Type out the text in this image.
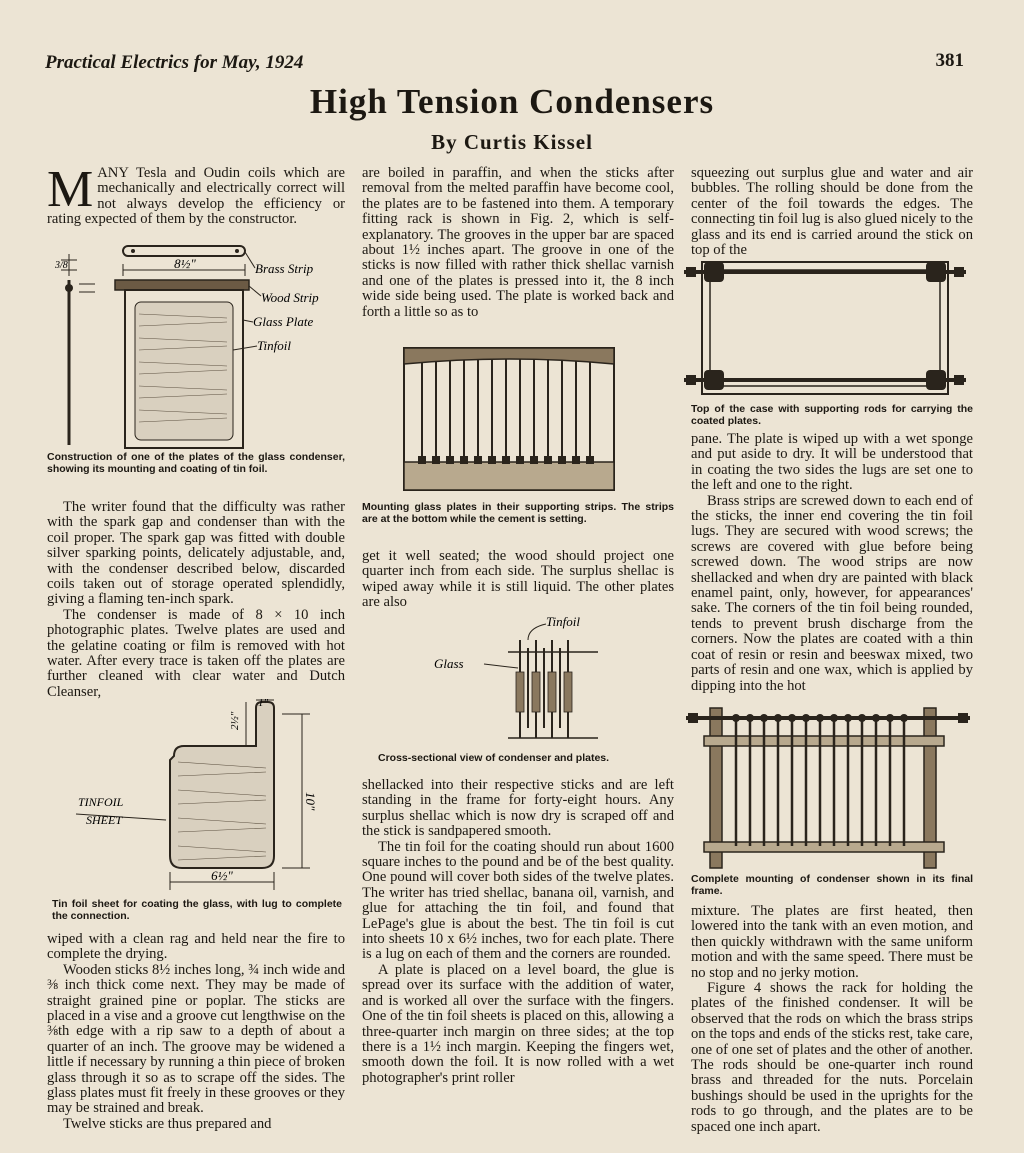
Practical Electrics for May, 1924	381
High Tension Condensers
By Curtis Kissel

MANY Tesla and Oudin coils which are mechanically and electrically correct will not always develop the efficiency or rating expected of them by the constructor.

8½"
3/8	Brass Strip
Wood Strip
Glass Plate
Tinfoil
Construction of one of the plates of the glass condenser, showing its mounting and coating of tin foil.

The writer found that the difficulty was rather with the spark gap and condenser than with the coil proper. The spark gap was fitted with double silver sparking points, delicately adjustable, and, with the condenser described below, discarded coils taken out of storage operated splendidly, giving a flaming ten-inch spark.

The condenser is made of 8 × 10 inch photographic plates. Twelve plates are used and the gelatine coating or film is removed with hot water. After every trace is taken off the plates are further cleaned with clear water and Dutch Cleanser,

1"
2½"
10"
6½"
TINFOIL
SHEET
Tin foil sheet for coating the glass, with lug to complete the connection.

wiped with a clean rag and held near the fire to complete the drying.

Wooden sticks 8½ inches long, ¾ inch wide and ⅜ inch thick come next. They may be made of straight grained pine or poplar. The sticks are placed in a vise and a groove cut lengthwise on the ⅜th edge with a rip saw to a depth of about a quarter of an inch. The groove may be widened a little if necessary by running a thin piece of broken glass through it so as to scrape off the sides. The glass plates must fit freely in these grooves or they may be strained and break.

Twelve sticks are thus prepared and

are boiled in paraffin, and when the sticks after removal from the melted paraffin have become cool, the plates are to be fastened into them. A temporary fitting rack is shown in Fig. 2, which is self-explanatory. The grooves in the upper bar are spaced about 1½ inches apart. The groove in one of the sticks is now filled with rather thick shellac varnish and one of the plates is pressed into it, the 8 inch wide side being used. The plate is worked back and forth a little so as to

Mounting glass plates in their supporting strips. The strips are at the bottom while the cement is setting.

get it well seated; the wood should project one quarter inch from each side. The surplus shellac is wiped away while it is still liquid. The other plates are also

Tinfoil
Glass
Cross-sectional view of condenser and plates.

shellacked into their respective sticks and are left standing in the frame for forty-eight hours. Any surplus shellac which is now dry is scraped off and the stick is sandpapered smooth.

The tin foil for the coating should run about 1600 square inches to the pound and be of the best quality. One pound will cover both sides of the twelve plates. The writer has tried shellac, banana oil, varnish, and glue for attaching the tin foil, and found that LePage's glue is about the best. The tin foil is cut into sheets 10 x 6½ inches, two for each plate. There is a lug on each of them and the corners are rounded.

A plate is placed on a level board, the glue is spread over its surface with the addition of water, and is worked all over the surface with the fingers. One of the tin foil sheets is placed on this, allowing a three-quarter inch margin on three sides; at the top there is a 1½ inch margin. Keeping the fingers wet, smooth down the foil. It is now rolled with a wet photographer's print roller

squeezing out surplus glue and water and air bubbles. The rolling should be done from the center of the foil towards the edges. The connecting tin foil lug is also glued nicely to the glass and its end is carried around the stick on top of the

Top of the case with supporting rods for carrying the coated plates.

pane. The plate is wiped up with a wet sponge and put aside to dry. It will be understood that in coating the two sides the lugs are set one to the left and one to the right.

Brass strips are screwed down to each end of the sticks, the inner end covering the tin foil lugs. They are secured with wood screws; the screws are covered with glue before being screwed down. The wood strips are now shellacked and when dry are painted with black enamel paint, only, however, for appearances' sake. The corners of the tin foil being rounded, tends to prevent brush discharge from the corners. Now the plates are coated with a thin coat of resin or resin and beeswax mixed, two parts of resin and one wax, which is applied by dipping into the hot

Complete mounting of condenser shown in its final frame.

mixture. The plates are first heated, then lowered into the tank with an even motion, and then quickly withdrawn with the same uniform motion and with the same speed. There must be no stop and no jerky motion.

Figure 4 shows the rack for holding the plates of the finished condenser. It will be observed that the rods on which the brass strips on the tops and ends of the sticks rest, take care, one of one set of plates and the other of another. The rods should be one-quarter inch round brass and threaded for the nuts. Porcelain bushings should be used in the uprights for the rods to go through, and the plates are to be spaced one inch apart.
